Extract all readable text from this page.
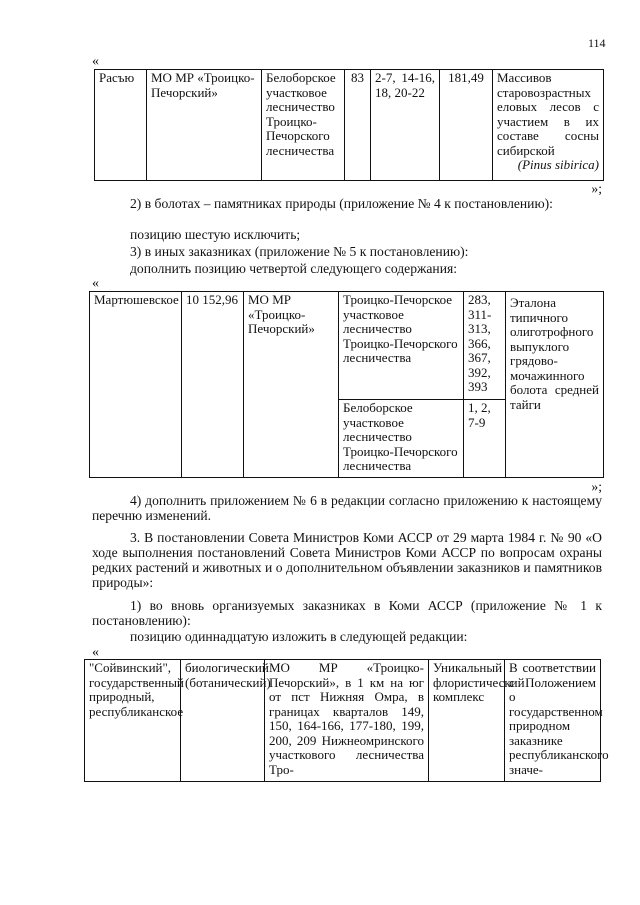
114
«
Расъю	МО МР «Троицко-Печорский»	Белоборское участковое лесничество Троицко-Печорского лесничества	83	2-7, 14-16, 18, 20-22	181,49	Массивов старовозрастных еловых лесов с участием в их составе сосны сибирской
(Pinus sibirica)
»;
2) в болотах – памятниках природы (приложение № 4 к постановлению):
позицию шестую исключить;
3) в иных заказниках (приложение № 5 к постановлению):
дополнить позицию четвертой следующего содержания:
«
Мартюшевское	10 152,96	МО МР «Троицко-Печорский»	Троицко-Печорское участковое лесничество Троицко-Печорского лесничества	283, 311-313, 366, 367, 392, 393	Эталона типичного олиготрофного выпуклого грядово-мочажинного болота средней тайги
			Белоборское участковое лесничество Троицко-Печорского лесничества	1, 2, 7-9	
»;
4) дополнить приложением № 6 в редакции согласно приложению к настоящему перечню изменений.
3. В постановлении Совета Министров Коми АССР от 29 марта 1984 г. № 90 «О ходе выполнения постановлений Совета Министров Коми АССР по вопросам охраны редких растений и животных и о дополнительном объявлении заказников и памятников природы»:
1) во вновь организуемых заказниках в Коми АССР (приложение № 1 к постановлению):
позицию одиннадцатую изложить в следующей редакции:
«
"Сойвинский", государственный природный, республиканское	биологический (ботанический)	МО МР «Троицко-Печорский», в 1 км на юг от пст Нижняя Омра, в границах кварталов 149, 150, 164-166, 177-180, 199, 200, 209 Нижнеомринского участкового лесничества Тро-	Уникальный флористический комплекс	В соответствии с Положением о государственном природном заказнике республиканского значе-
